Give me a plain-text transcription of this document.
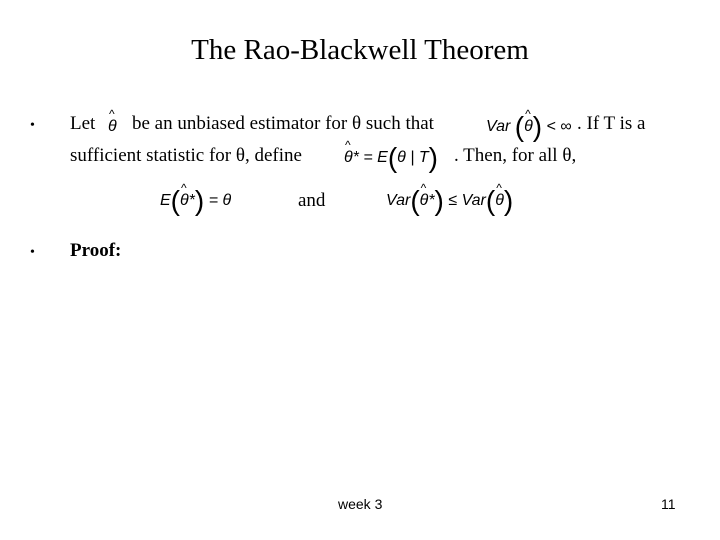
The Rao-Blackwell Theorem
• Let ^ θ be an unbiased estimator for θ such that	Var (^ θ) < ∞ . If T is a
sufficient statistic for θ, define	^ θ* = E(θ | T) . Then, for all θ,
E(^ θ*) = θ	and	Var(^ θ*) ≤ Var(^ θ)
• Proof:
week 3	11
